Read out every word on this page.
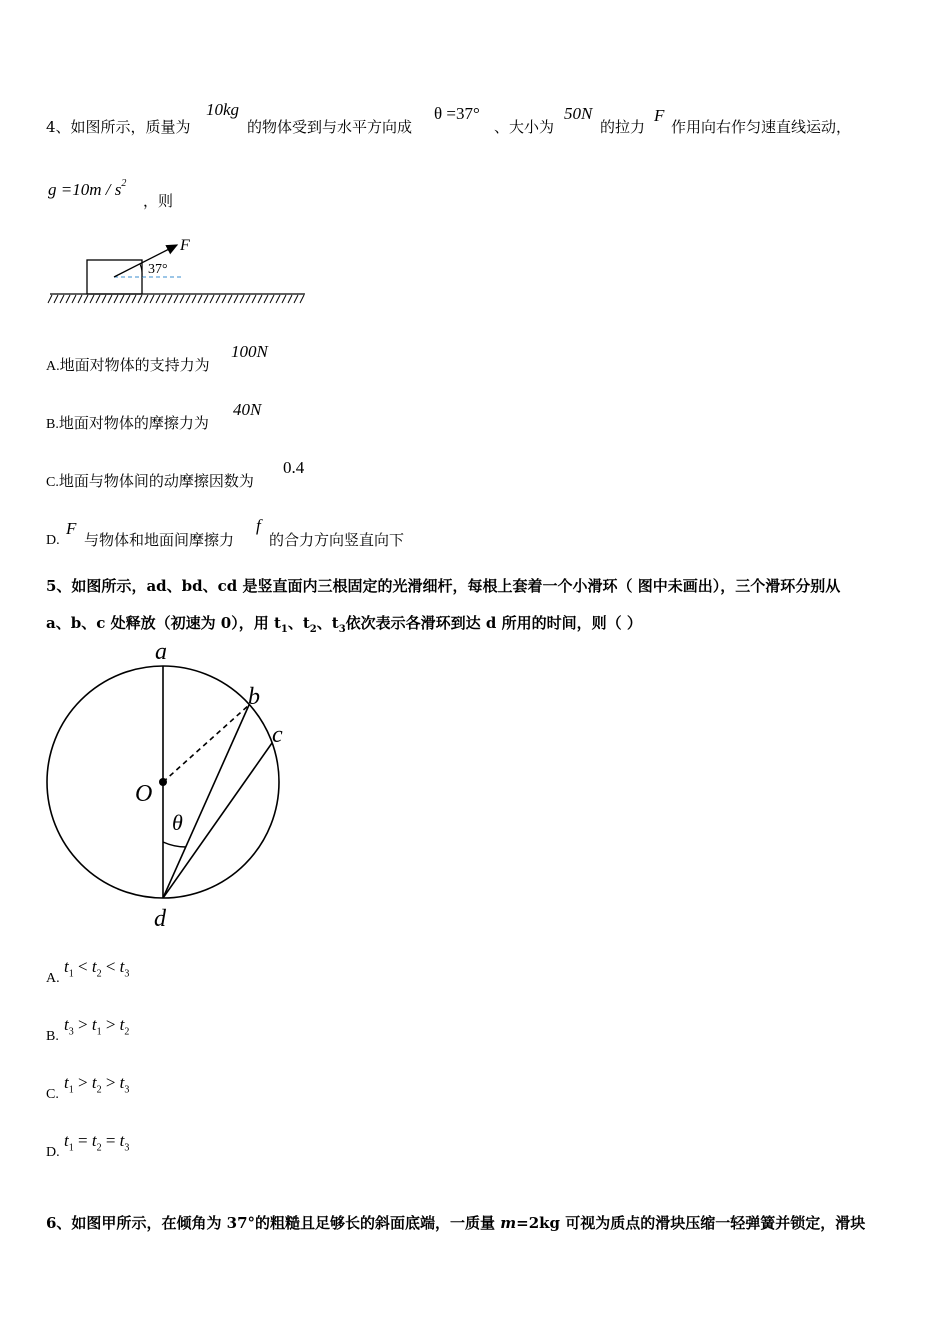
4、如图所示，质量为
10kg
的物体受到与水平方向成
θ =37°
、大小为
50N
的拉力
F
作用向右作匀速直线运动，
$g =10m / s^2$
，则
37°
F
A.地面对物体的支持力为
100N
B.地面对物体的摩擦力为
40N
C.地面与物体间的动摩擦因数为
0.4
D.
F
与物体和地面间摩擦力
f
的合力方向竖直向下
5、如图所示，ad、bd、cd 是竖直面内三根固定的光滑细杆，每根上套着一个小滑环（ 图中未画出），三个滑环分别从
a、b、c 处释放（初速为 0），用 $t_1$、$t_2$、$t_3$依次表示各滑环到达 d 所用的时间，则（ ）
a
b
c
O
θ
d
A.
$t_1 < t_2 < t_3$
B.
$t_3 > t_1 > t_2$
C.
$t_1 > t_2 > t_3$
D.
$t_1 = t_2 = t_3$
6、如图甲所示，在倾角为 37°的粗糙且足够长的斜面底端，一质量 m=2kg 可视为质点的滑块压缩一轻弹簧并锁定，滑块
